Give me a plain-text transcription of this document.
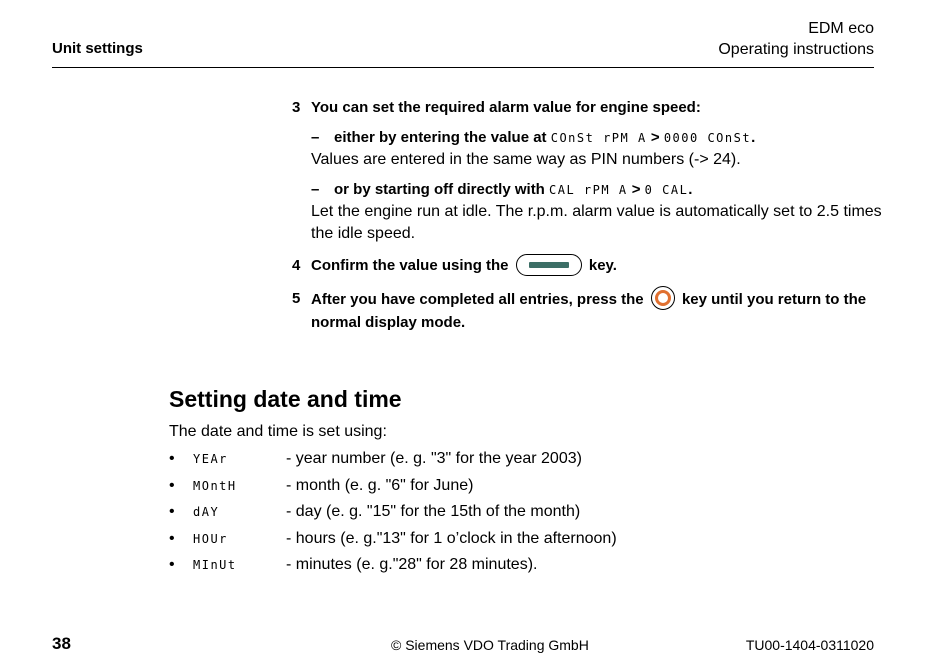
Unit settings
EDM eco
Operating instructions
3 You can set the required alarm value for engine speed:
– either by entering the value at COnSt rPM A > 0000 COnSt.
Values are entered in the same way as PIN numbers (-> 24).
– or by starting off directly with CAL rPM A > 0 CAL.
Let the engine run at idle. The r.p.m. alarm value is automatically set to 2.5 times the idle speed.
4 Confirm the value using the	key.
5 After you have completed all entries, press the	key until you return to the normal display mode.
Setting date and time
The date and time is set using:
• YEAr	- year number (e. g. "3" for the year 2003)
• MOntH	- month (e. g. "6" for June)
• dAY	- day (e. g. "15" for the 15th of the month)
• HOUr	- hours (e. g."13" for 1 o’clock in the afternoon)
• MInUt	- minutes (e. g."28" for 28 minutes).
38	© Siemens VDO Trading GmbH	TU00-1404-0311020
